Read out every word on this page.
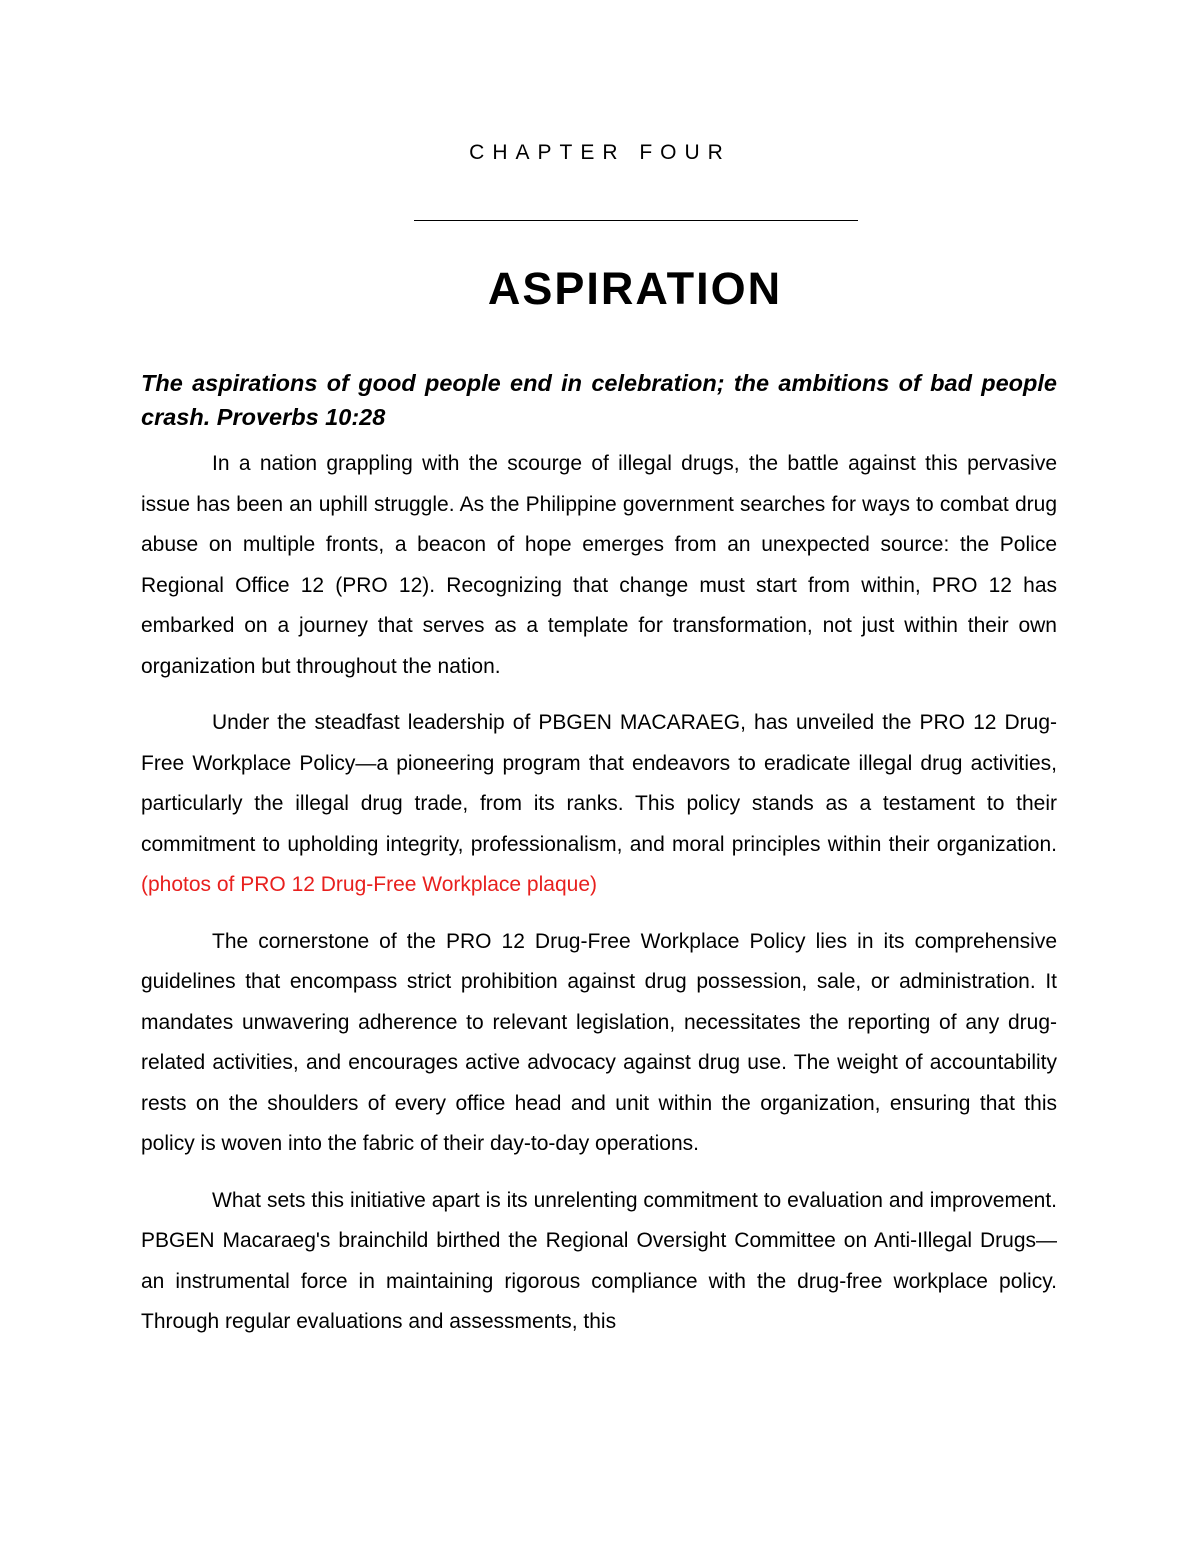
CHAPTER FOUR
ASPIRATION

The aspirations of good people end in celebration; the ambitions of bad people crash. Proverbs 10:28

In a nation grappling with the scourge of illegal drugs, the battle against this pervasive issue has been an uphill struggle. As the Philippine government searches for ways to combat drug abuse on multiple fronts, a beacon of hope emerges from an unexpected source: the Police Regional Office 12 (PRO 12). Recognizing that change must start from within, PRO 12 has embarked on a journey that serves as a template for transformation, not just within their own organization but throughout the nation.

Under the steadfast leadership of PBGEN MACARAEG, has unveiled the PRO 12 Drug-Free Workplace Policy—a pioneering program that endeavors to eradicate illegal drug activities, particularly the illegal drug trade, from its ranks. This policy stands as a testament to their commitment to upholding integrity, professionalism, and moral principles within their organization. (photos of PRO 12 Drug-Free Workplace plaque)

The cornerstone of the PRO 12 Drug-Free Workplace Policy lies in its comprehensive guidelines that encompass strict prohibition against drug possession, sale, or administration. It mandates unwavering adherence to relevant legislation, necessitates the reporting of any drug-related activities, and encourages active advocacy against drug use. The weight of accountability rests on the shoulders of every office head and unit within the organization, ensuring that this policy is woven into the fabric of their day-to-day operations.

What sets this initiative apart is its unrelenting commitment to evaluation and improvement. PBGEN Macaraeg's brainchild birthed the Regional Oversight Committee on Anti-Illegal Drugs—an instrumental force in maintaining rigorous compliance with the drug-free workplace policy. Through regular evaluations and assessments, this
